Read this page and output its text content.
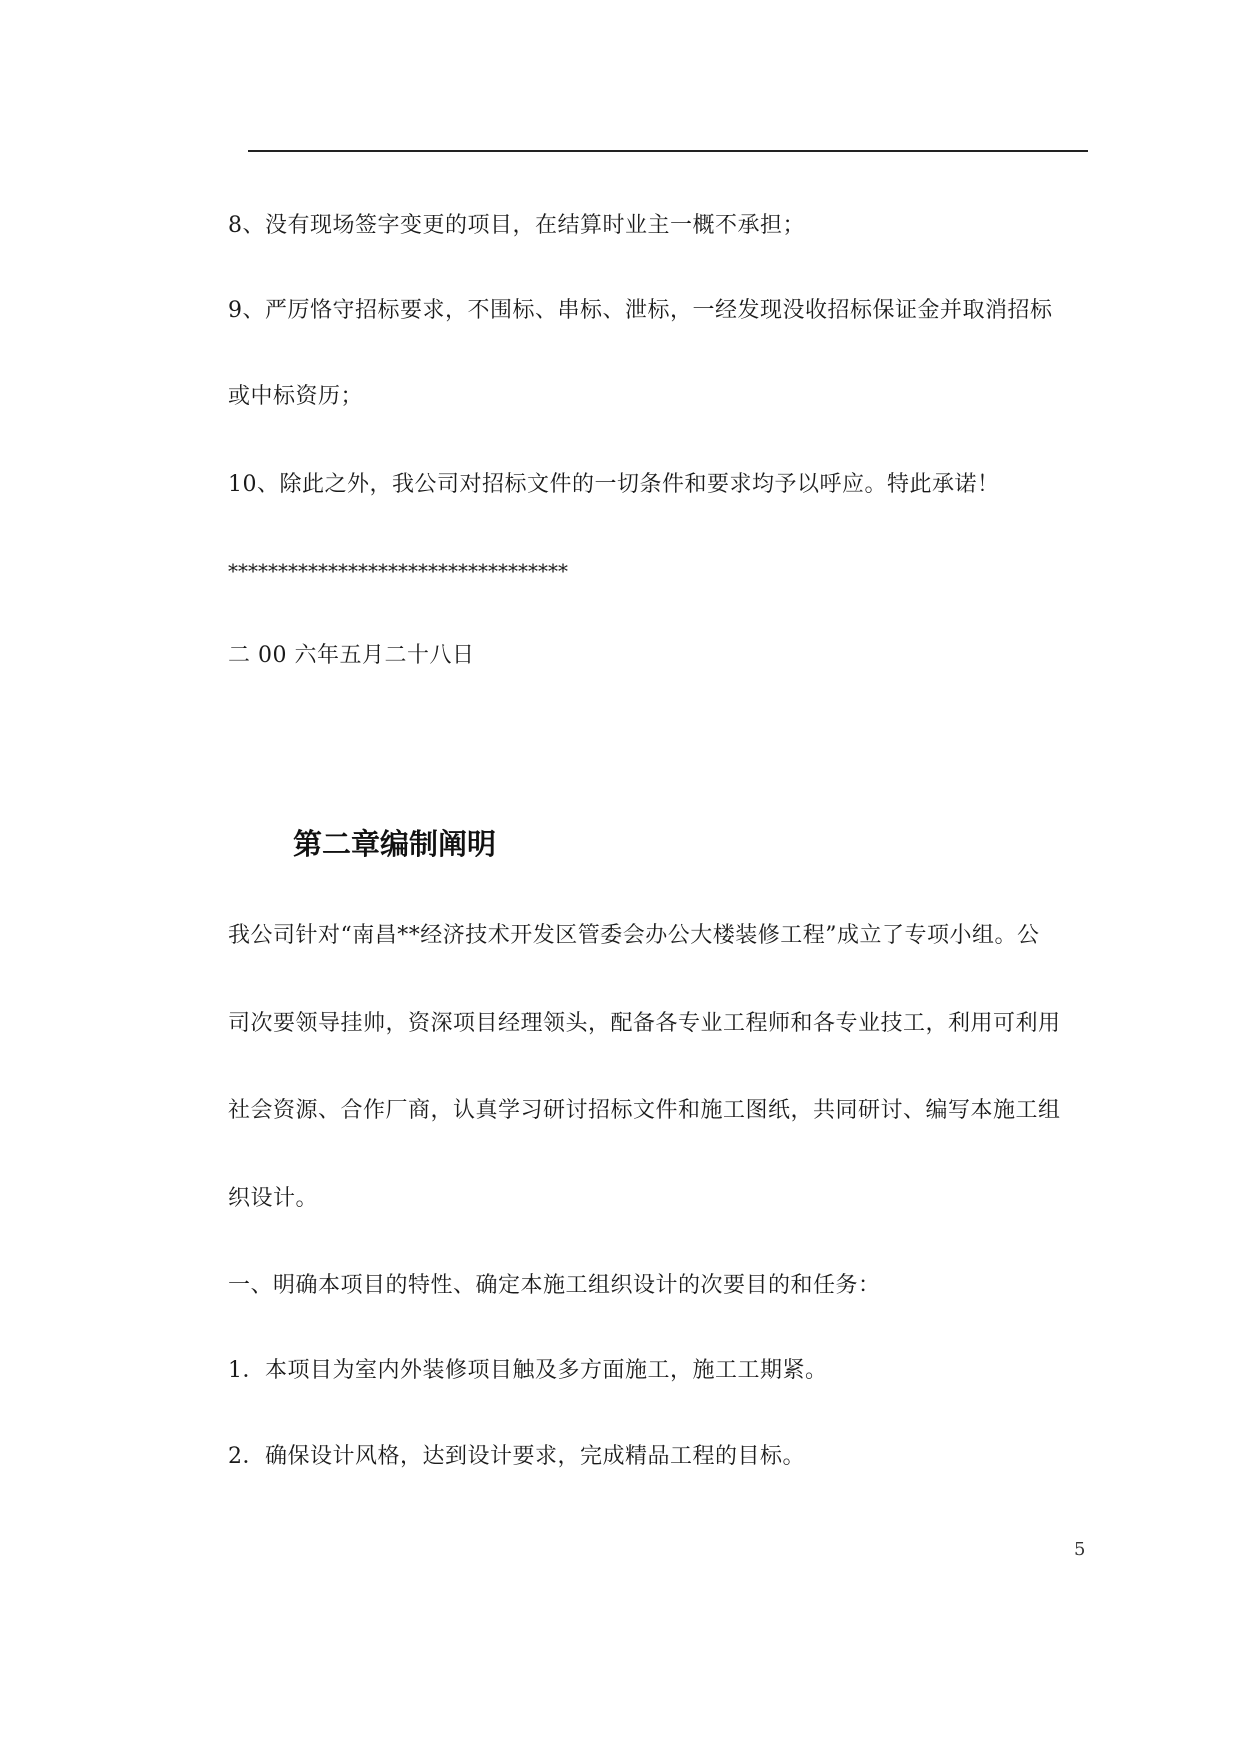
8、没有现场签字变更的项目，在结算时业主一概不承担；
9、严厉恪守招标要求，不围标、串标、泄标，一经发现没收招标保证金并取消招标
或中标资历；
10、除此之外，我公司对招标文件的一切条件和要求均予以呼应。特此承诺！
**********************************
二 00 六年五月二十八日
第二章编制阐明
我公司针对“南昌**经济技术开发区管委会办公大楼装修工程”成立了专项小组。公
司次要领导挂帅，资深项目经理领头，配备各专业工程师和各专业技工，利用可利用
社会资源、合作厂商，认真学习研讨招标文件和施工图纸，共同研讨、编写本施工组
织设计。
一、明确本项目的特性、确定本施工组织设计的次要目的和任务：
1．本项目为室内外装修项目触及多方面施工，施工工期紧。
2．确保设计风格，达到设计要求，完成精品工程的目标。
5
